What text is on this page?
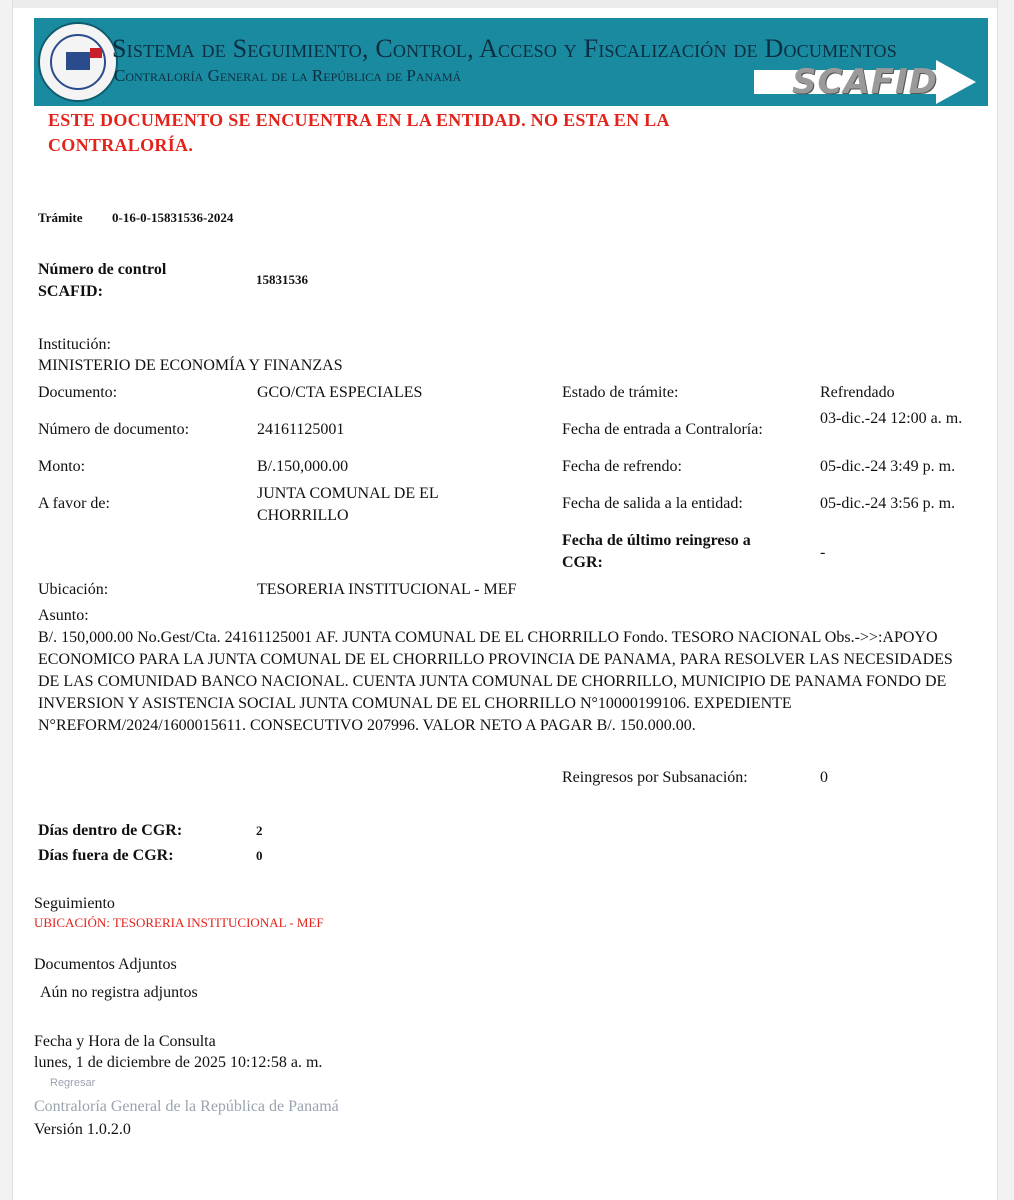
Sistema de Seguimiento, Control, Acceso y Fiscalización de Documentos
Contraloría General de la República de Panamá	SCAFID
ESTE DOCUMENTO SE ENCUENTRA EN LA ENTIDAD. NO ESTA EN LA CONTRALORÍA.
Trámite 0-16-0-15831536-2024
Número de control SCAFID:
15831536
Institución:
MINISTERIO DE ECONOMÍA Y FINANZAS
Documento:	GCO/CTA ESPECIALES
Número de documento:	24161125001
Monto:	B/.150,000.00
A favor de:
JUNTA COMUNAL DE EL CHORRILLO
Estado de trámite:	Refrendado
Fecha de entrada a Contraloría:
03-dic.-24 12:00 a. m.
Fecha de refrendo:	05-dic.-24 3:49 p. m.
Fecha de salida a la entidad:	05-dic.-24 3:56 p. m.
Fecha de último reingreso a CGR:
-
Ubicación:	TESORERIA INSTITUCIONAL - MEF
Asunto:
B/. 150,000.00 No.Gest/Cta. 24161125001 AF. JUNTA COMUNAL DE EL CHORRILLO Fondo. TESORO NACIONAL Obs.->>:APOYO ECONOMICO PARA LA JUNTA COMUNAL DE EL CHORRILLO PROVINCIA DE PANAMA, PARA RESOLVER LAS NECESIDADES DE LAS COMUNIDAD BANCO NACIONAL. CUENTA JUNTA COMUNAL DE CHORRILLO, MUNICIPIO DE PANAMA FONDO DE INVERSION Y ASISTENCIA SOCIAL JUNTA COMUNAL DE EL CHORRILLO N°10000199106. EXPEDIENTE N°REFORM/2024/1600015611. CONSECUTIVO 207996. VALOR NETO A PAGAR B/. 150.000.00.
Reingresos por Subsanación:	0
Días dentro de CGR:	2
Días fuera de CGR:	0
Seguimiento
UBICACIÓN: TESORERIA INSTITUCIONAL - MEF
Documentos Adjuntos
Aún no registra adjuntos
Fecha y Hora de la Consulta
lunes, 1 de diciembre de 2025 10:12:58 a. m.
Regresar
Contraloría General de la República de Panamá
Versión 1.0.2.0
